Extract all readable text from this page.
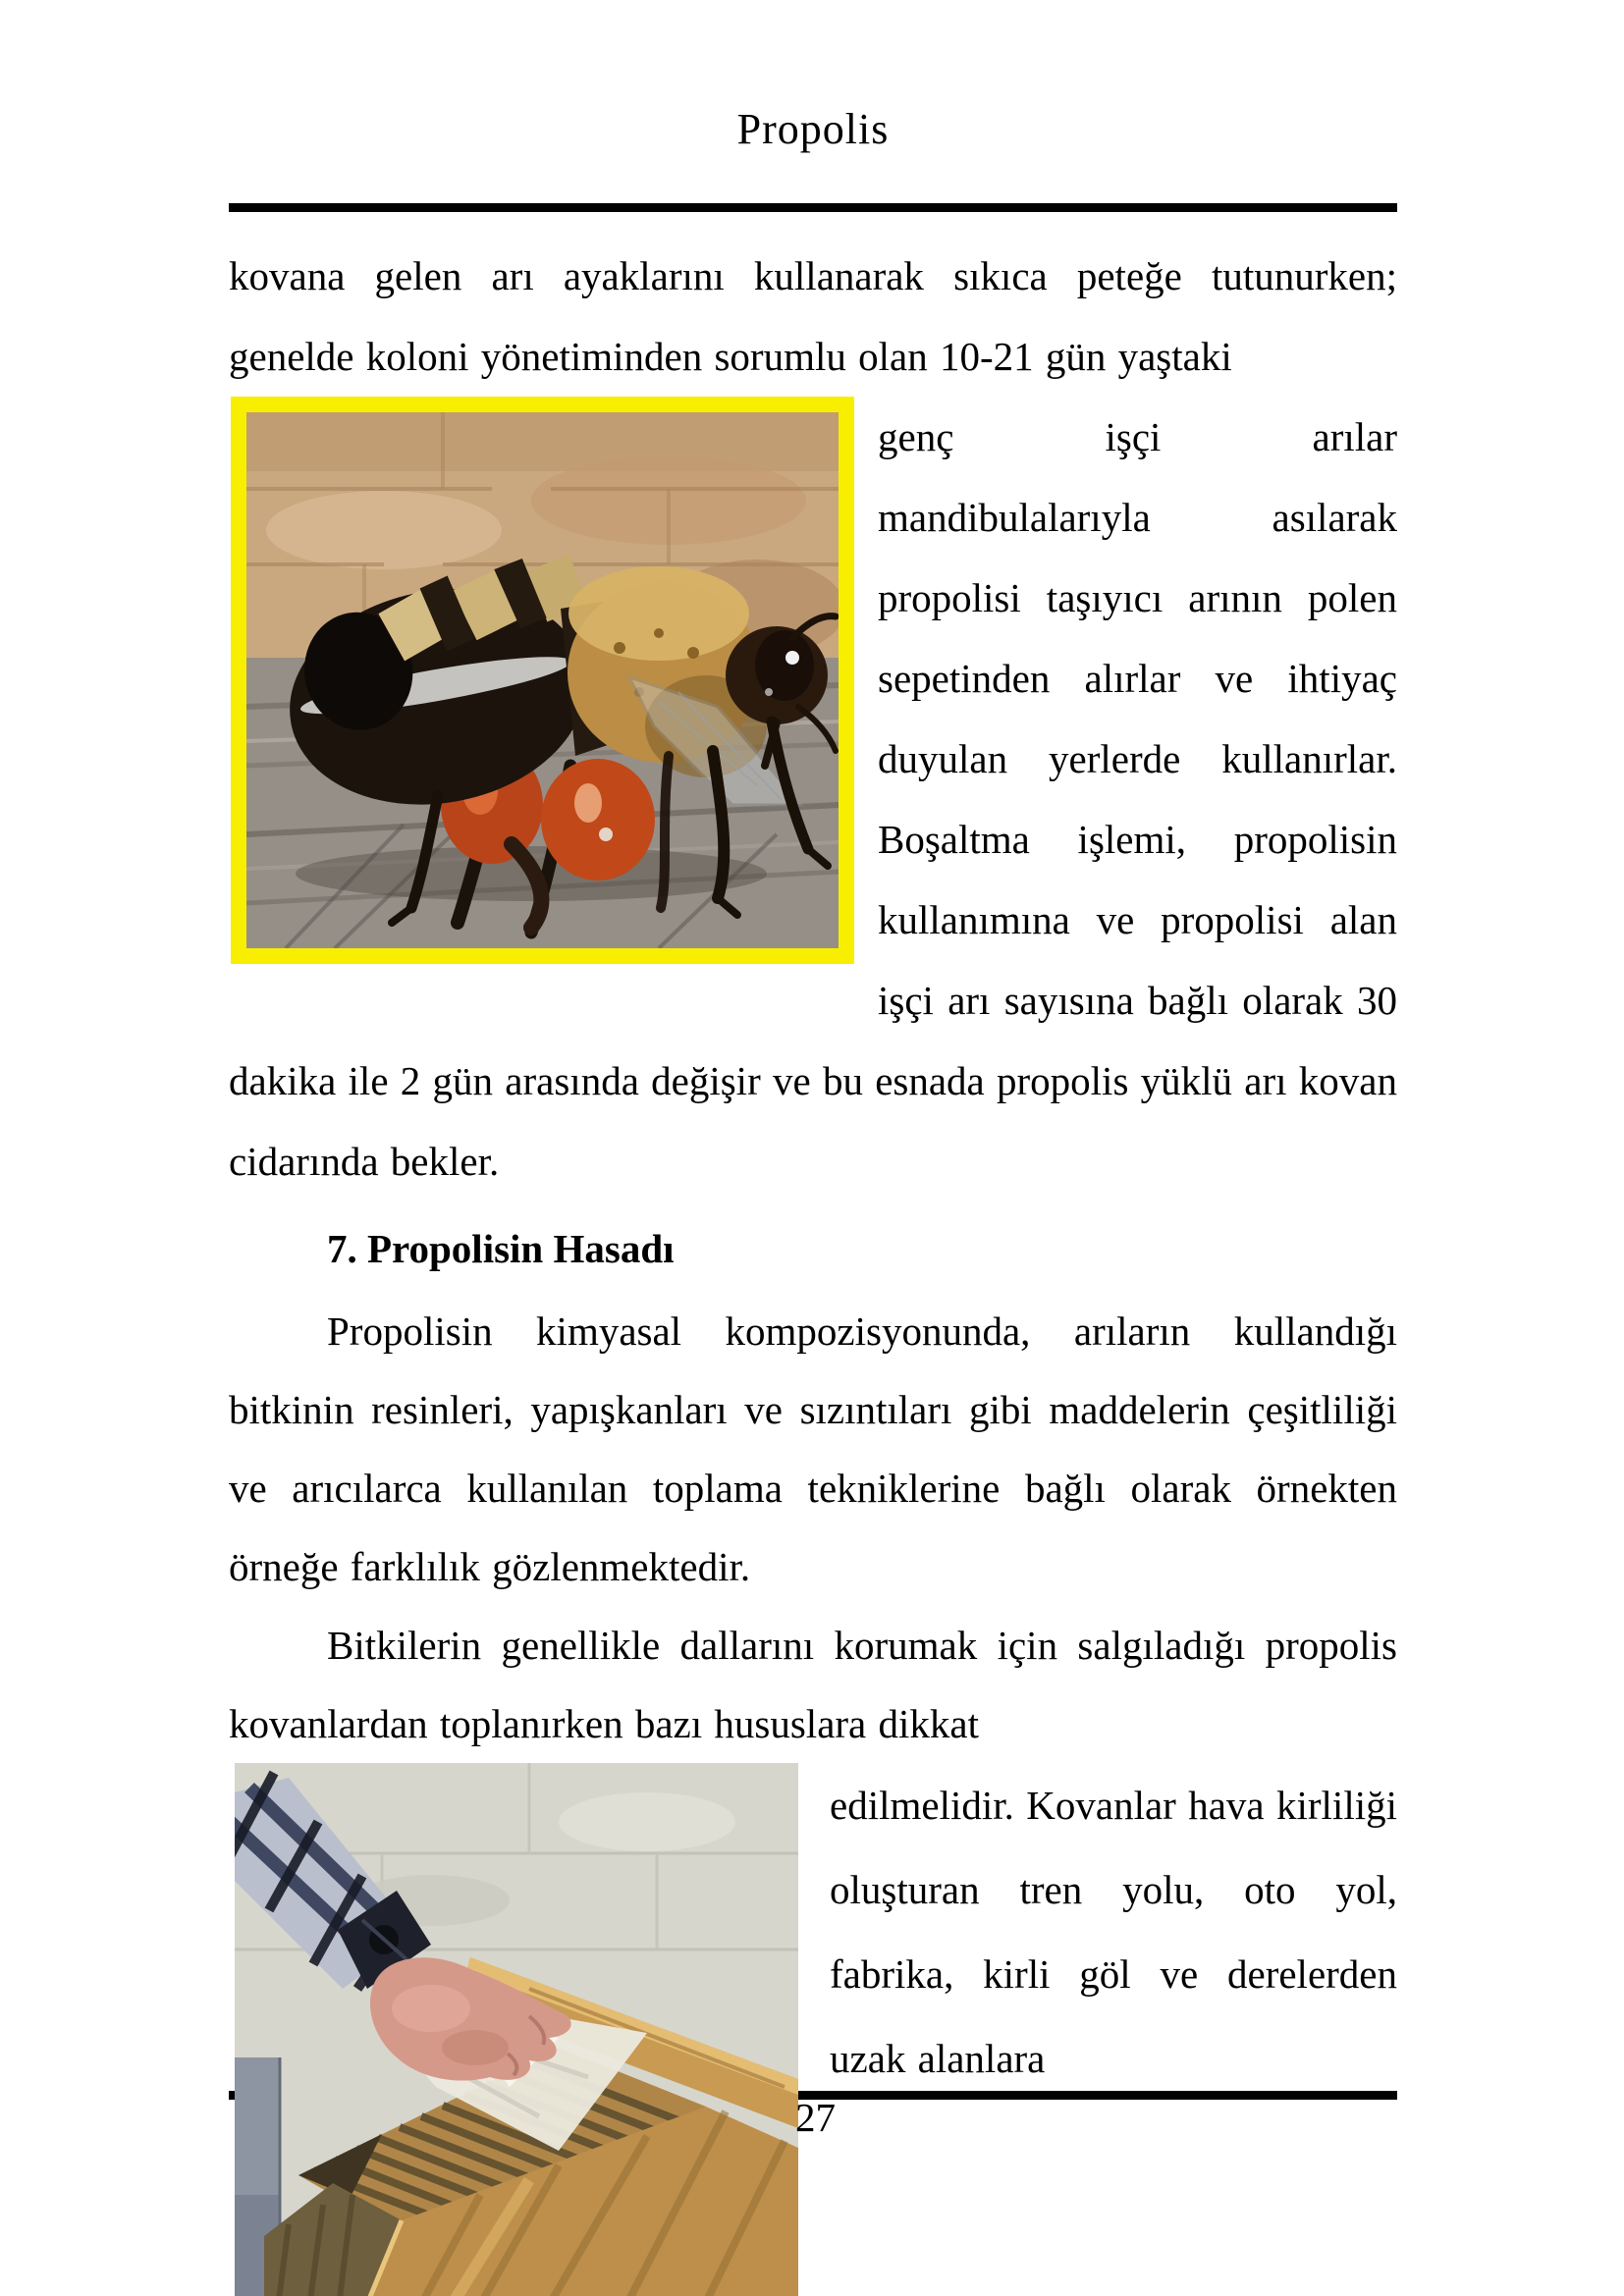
Propolis

kovana gelen arı ayaklarını kullanarak sıkıca peteğe tutunurken; genelde koloni yönetiminden sorumlu olan 10-21 gün yaştaki

genç işçi arılar mandibulalarıyla asılarak propolisi taşıyıcı arının polen sepetinden alırlar ve ihtiyaç duyulan yerlerde kullanırlar. Boşaltma işlemi, propolisin kullanımına ve propolisi alan işçi arı sayısına bağlı olarak 30 dakika ile 2 gün arasında değişir ve bu esnada propolis yüklü arı kovan cidarında bekler.
7. Propolisin Hasadı

Propolisin kimyasal kompozisyonunda, arıların kullandığı bitkinin resinleri, yapışkanları ve sızıntıları gibi maddelerin çeşitliliği ve arıcılarca kullanılan toplama tekniklerine bağlı olarak örnekten örneğe farklılık gözlenmektedir.

Bitkilerin genellikle dallarını korumak için salgıladığı propolis kovanlardan toplanırken bazı hususlara dikkat

edilmelidir. Kovanlar hava kirliliği oluşturan tren yolu, oto yol, fabrika, kirli göl ve derelerden uzak alanlara
27
